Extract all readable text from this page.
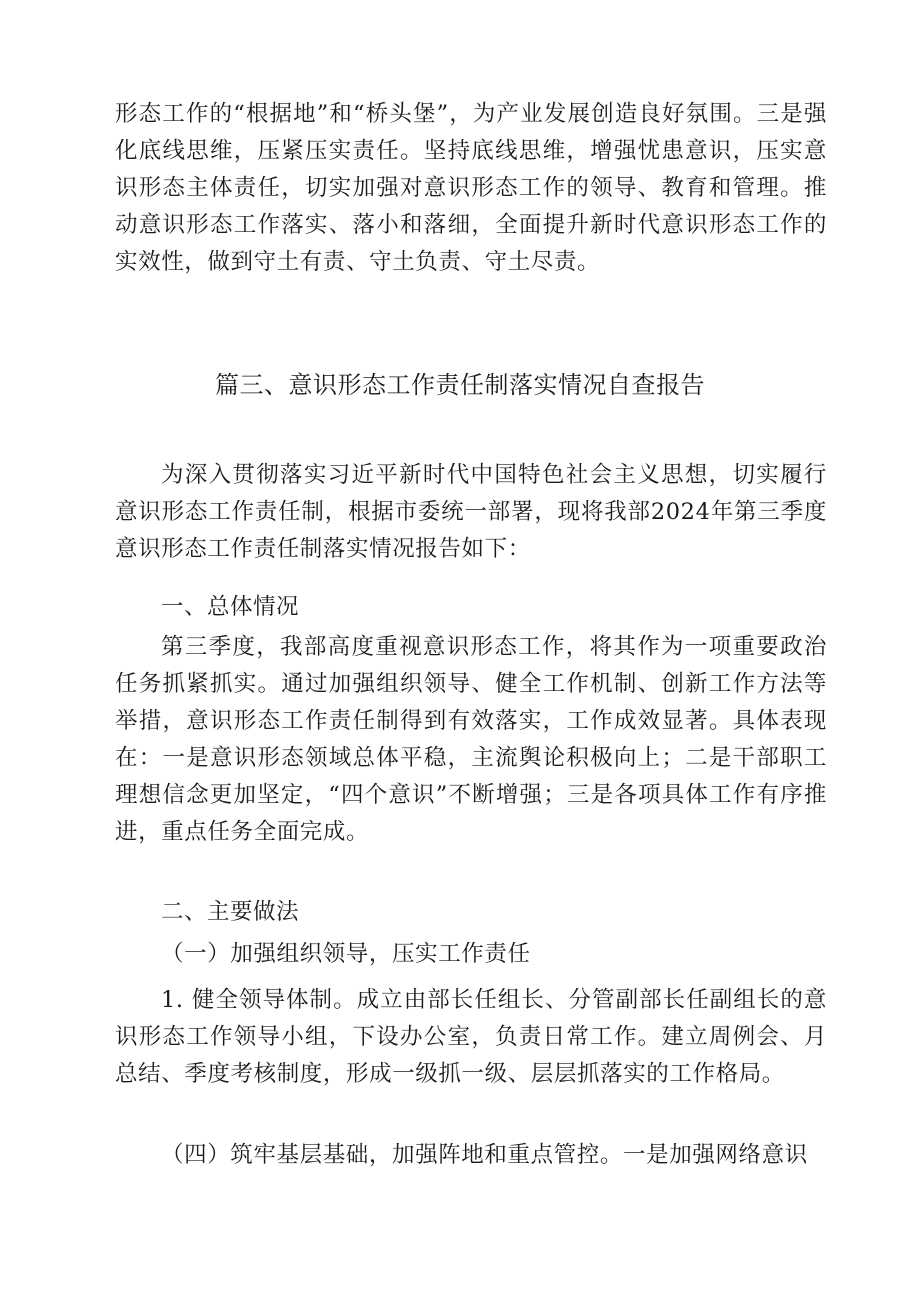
形态工作的“根据地”和“桥头堡”，为产业发展创造良好氛围。三是强化底线思维，压紧压实责任。坚持底线思维，增强忧患意识，压实意识形态主体责任，切实加强对意识形态工作的领导、教育和管理。推动意识形态工作落实、落小和落细，全面提升新时代意识形态工作的实效性，做到守土有责、守土负责、守土尽责。

篇三、意识形态工作责任制落实情况自查报告

为深入贯彻落实习近平新时代中国特色社会主义思想，切实履行意识形态工作责任制，根据市委统一部署，现将我部2024年第三季度意识形态工作责任制落实情况报告如下：

一、总体情况

第三季度，我部高度重视意识形态工作，将其作为一项重要政治任务抓紧抓实。通过加强组织领导、健全工作机制、创新工作方法等举措，意识形态工作责任制得到有效落实，工作成效显著。具体表现在：一是意识形态领域总体平稳，主流舆论积极向上；二是干部职工理想信念更加坚定，“四个意识”不断增强；三是各项具体工作有序推进，重点任务全面完成。

二、主要做法

（一）加强组织领导，压实工作责任

1. 健全领导体制。成立由部长任组长、分管副部长任副组长的意识形态工作领导小组，下设办公室，负责日常工作。建立周例会、月总结、季度考核制度，形成一级抓一级、层层抓落实的工作格局。

（四）筑牢基层基础，加强阵地和重点管控。一是加强网络意识
